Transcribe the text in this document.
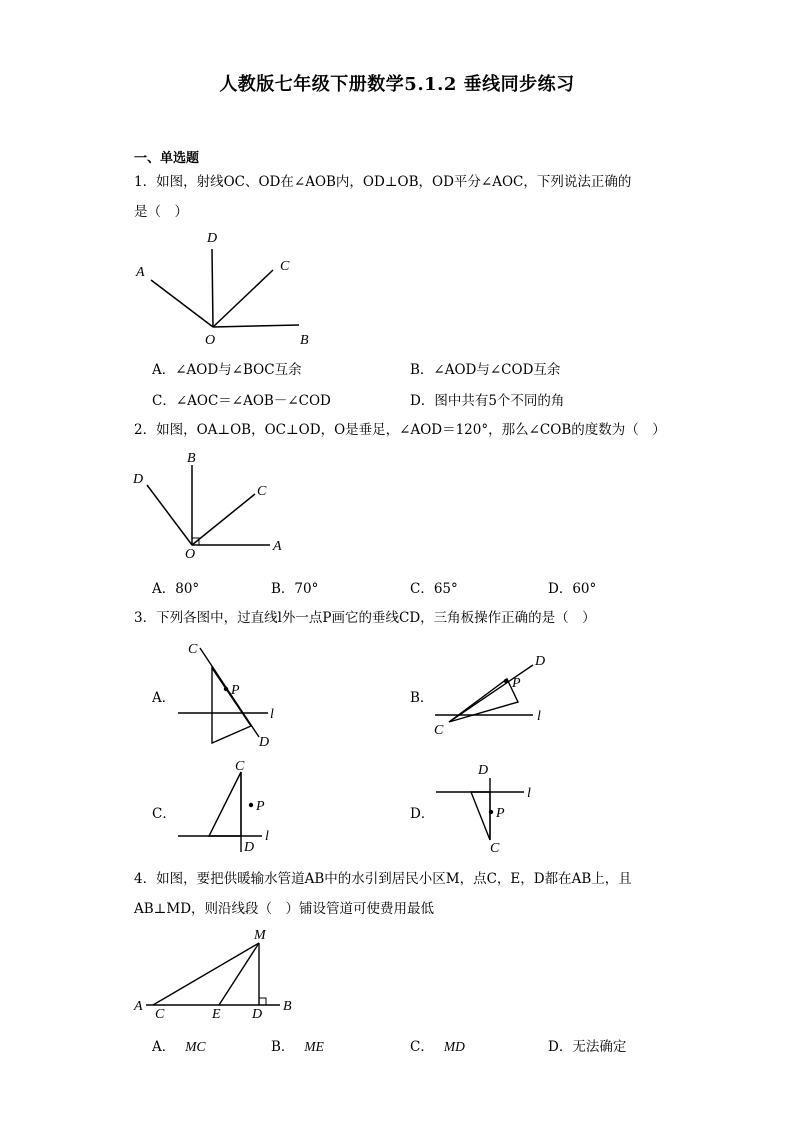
人教版七年级下册数学5.1.2 垂线同步练习
一、单选题
1．如图，射线OC、OD在∠AOB内，OD⊥OB，OD平分∠AOC，下列说法正确的
是（　）
A
D
C
O	B
A．∠AOD与∠BOC互余	B．∠AOD与∠COD互余
C．∠AOC＝∠AOB－∠COD	D．图中共有5个不同的角
2．如图，OA⊥OB，OC⊥OD，O是垂足，∠AOD＝120°，那么∠COB的度数为（　）
D
B
C
O
A
A．80°	B．70°	C．65°	D．60°
3．下列各图中，过直线l外一点P画它的垂线CD，三角板操作正确的是（　）
A．	B．
C．	D．
C
P
l
D
D
P
l
C
C
P
l
D
D
l
P
C
4．如图，要把供暖输水管道AB中的水引到居民小区M，点C，E，D都在AB上，且
AB⊥MD，则沿线段（　）铺设管道可使费用最低
M
A
C	E D
B
A． MC	B． ME	C． MD	D．无法确定
